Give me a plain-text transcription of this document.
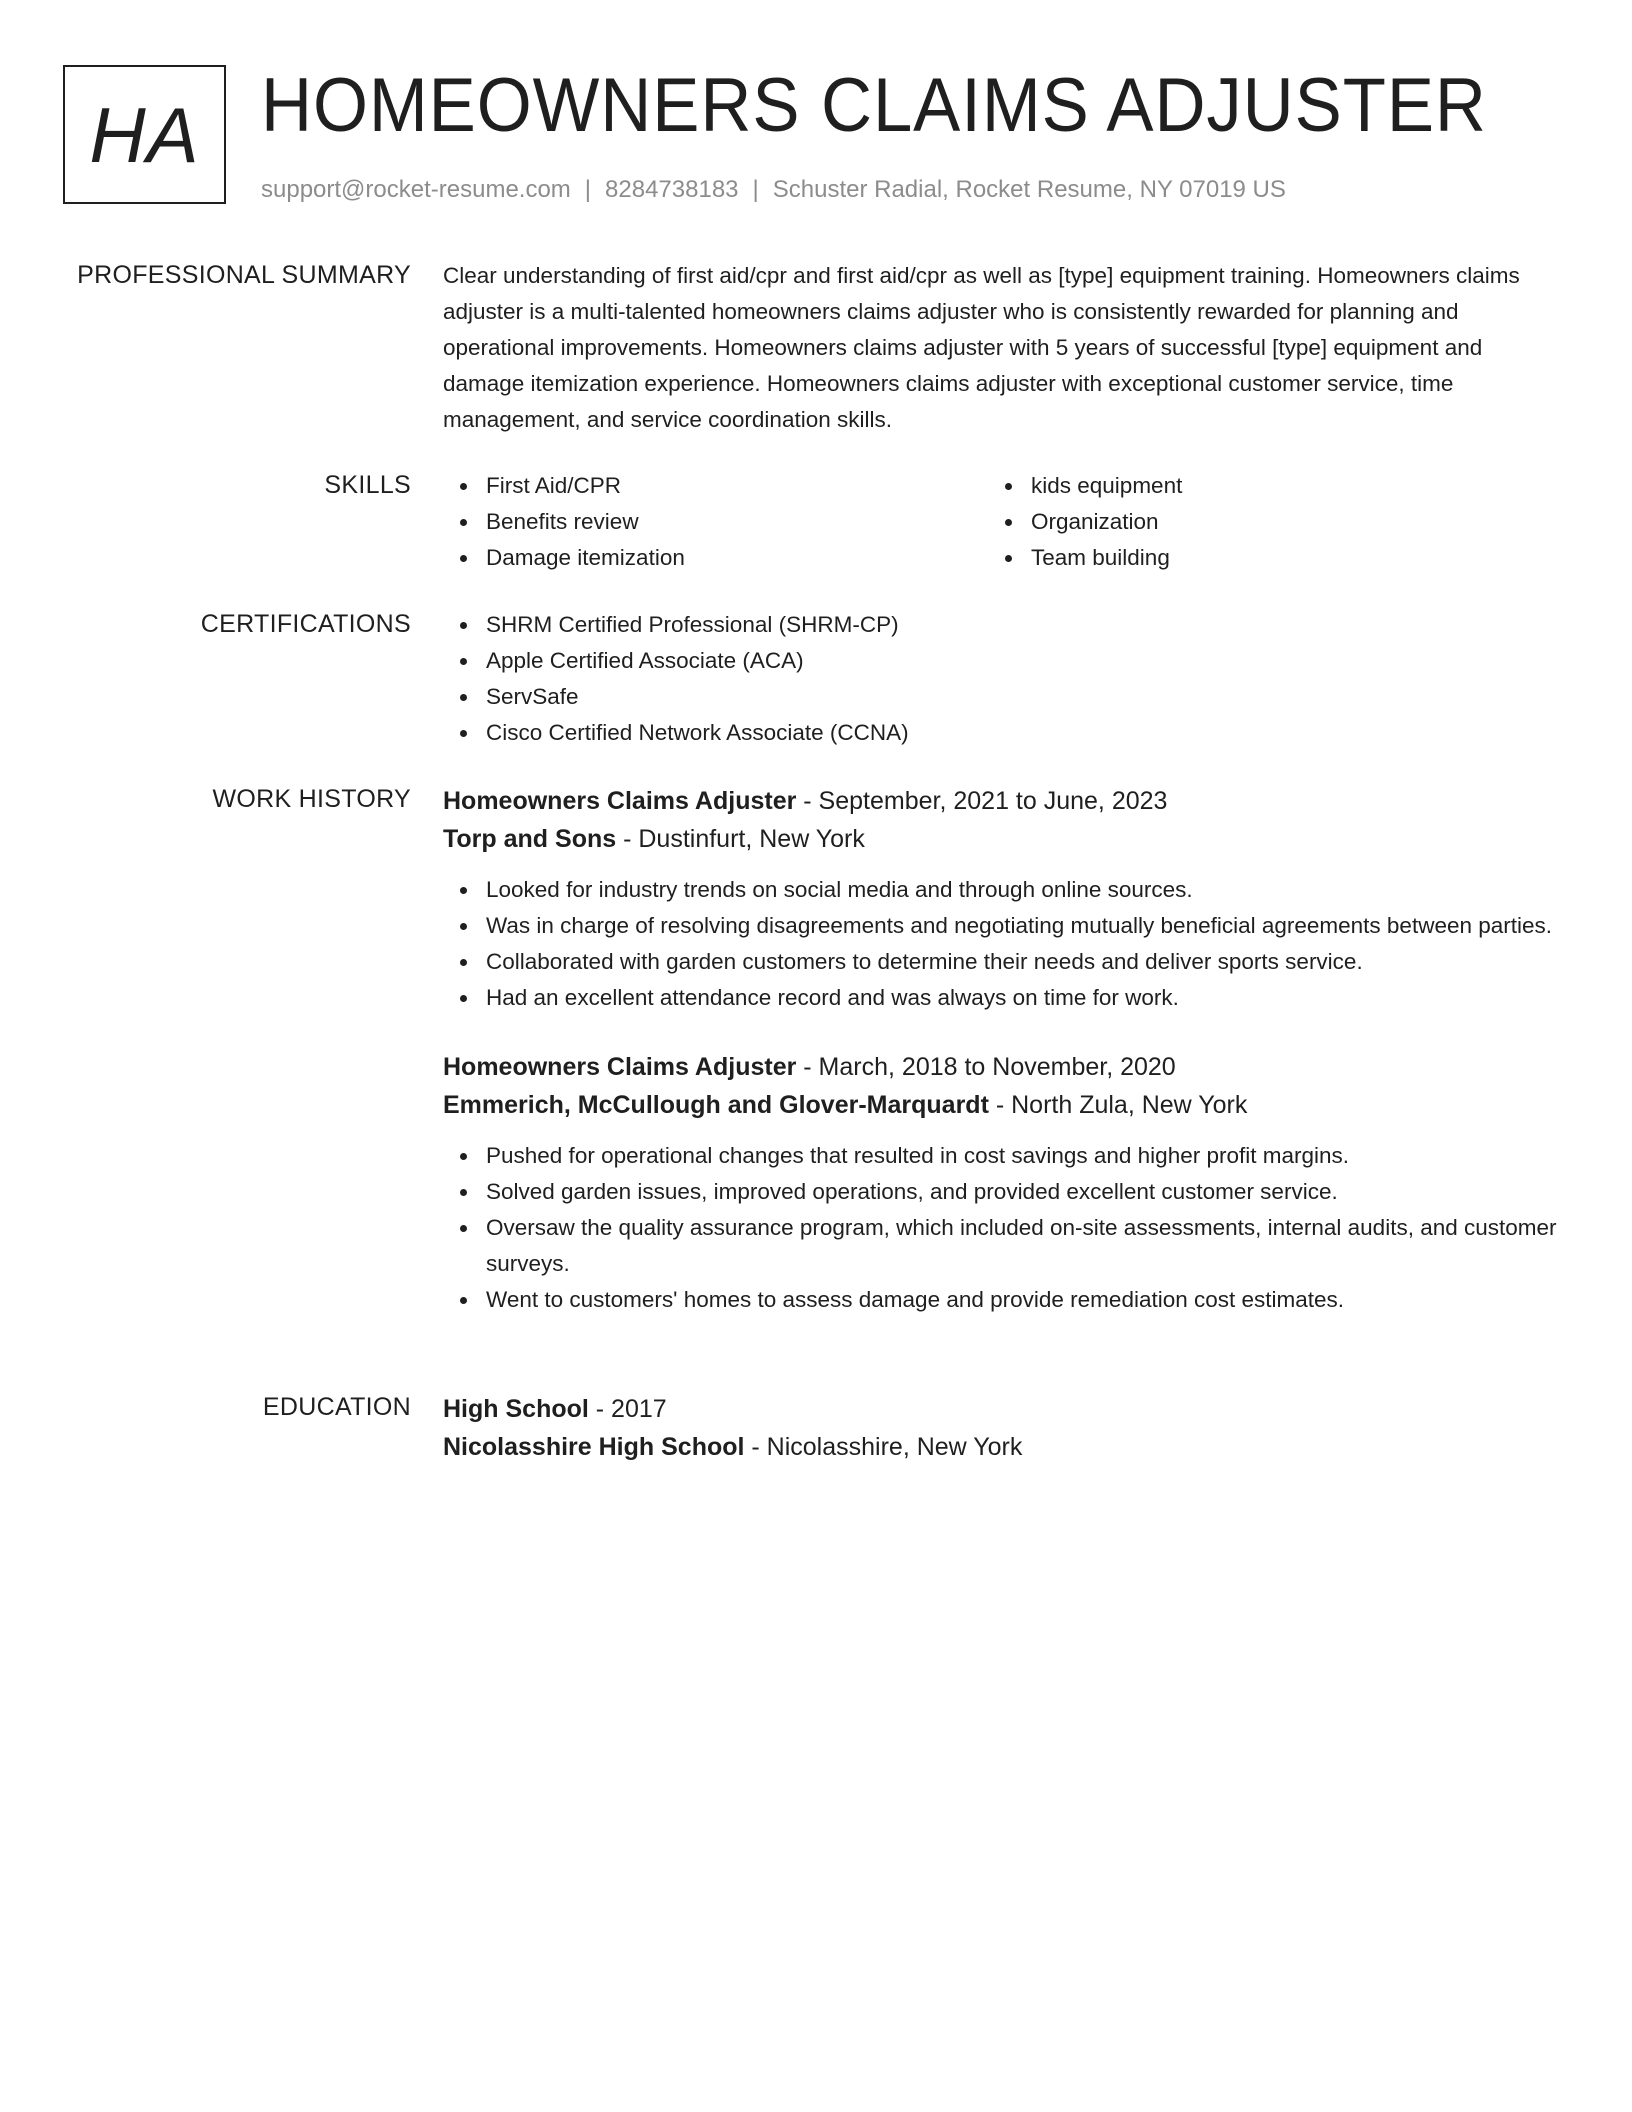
HA HOMEOWNERS CLAIMS ADJUSTER
support@rocket-resume.com | 8284738183 | Schuster Radial, Rocket Resume, NY 07019 US
PROFESSIONAL SUMMARY Clear understanding of first aid/cpr and first aid/cpr as well as [type] equipment training. Homeowners claims adjuster is a multi-talented homeowners claims adjuster who is consistently rewarded for planning and operational improvements. Homeowners claims adjuster with 5 years of successful [type] equipment and damage itemization experience. Homeowners claims adjuster with exceptional customer service, time management, and service coordination skills.

SKILLS	First Aid/CPR
Benefits review
Damage itemization
kids equipment
Organization
Team building
CERTIFICATIONS	SHRM Certified Professional (SHRM-CP)
Apple Certified Associate (ACA)
ServSafe
Cisco Certified Network Associate (CCNA)
WORK HISTORY Homeowners Claims Adjuster - September, 2021 to June, 2023
Torp and Sons - Dustinfurt, New York
Looked for industry trends on social media and through online sources.
Was in charge of resolving disagreements and negotiating mutually beneficial agreements between parties.
Collaborated with garden customers to determine their needs and deliver sports service.
Had an excellent attendance record and was always on time for work.
Homeowners Claims Adjuster - March, 2018 to November, 2020
Emmerich, McCullough and Glover-Marquardt - North Zula, New York
Pushed for operational changes that resulted in cost savings and higher profit margins.
Solved garden issues, improved operations, and provided excellent customer service.
Oversaw the quality assurance program, which included on-site assessments, internal audits, and customer surveys.
Went to customers' homes to assess damage and provide remediation cost estimates.
EDUCATION High School - 2017
Nicolasshire High School - Nicolasshire, New York
